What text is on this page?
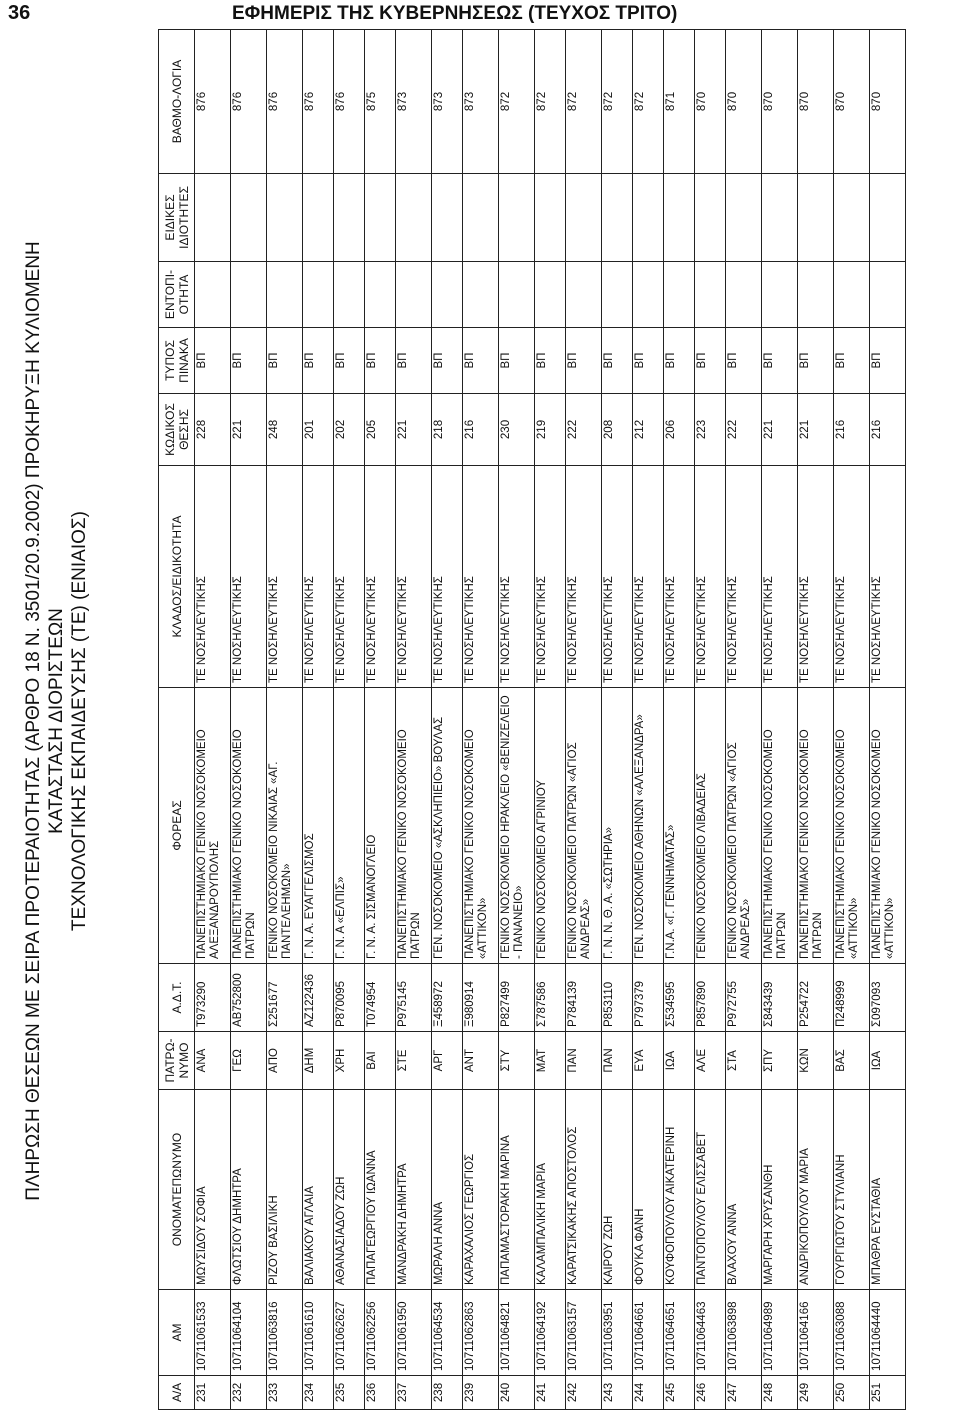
36	ΕΦΗΜΕΡΙΣ ΤΗΣ ΚΥΒΕΡΝΗΣΕΩΣ (ΤΕΥΧΟΣ ΤΡΙΤΟ)
ΠΛΗΡΩΣΗ ΘΕΣΕΩΝ ΜΕ ΣΕΙΡΑ ΠΡΟΤΕΡΑΙΟΤΗΤΑΣ (ΑΡΘΡΟ 18 Ν. 3501/20.9.2002) ΠΡΟΚΗΡΥΞΗ ΚΥΛΙΟΜΕΝΗ ΚΑΤΑΣΤΑΣΗ ΔΙΟΡΙΣΤΕΩΝ ΤΕΧΝΟΛΟΓΙΚΗΣ ΕΚΠΑΙΔΕΥΣΗΣ (ΤΕ) (ΕΝΙΑΙΟΣ)
Α/Α	ΑΜ	ΟΝΟΜΑΤΕΠΩΝΥΜΟ	ΠΑΤΡΩ-ΝΥΜΟ	Α.Δ.Τ.	ΦΟΡΕΑΣ	ΚΛΑΔΟΣ/ΕΙΔΙΚΟΤΗΤΑ	ΚΩΔΙΚΟΣ ΘΕΣΗΣ	ΤΥΠΟΣ ΠΙΝΑΚΑ	ΕΝΤΟΠΙ-ΟΤΗΤΑ	ΕΙΔΙΚΕΣ ΙΔΙΟΤΗΤΕΣ	ΒΑΘΜΟ-ΛΟΓΙΑ
231	10711061533	ΜΩΥΣΙΔΟΥ ΣΟΦΙΑ	ΑΝΑ	Τ973290	ΠΑΝΕΠΙΣΤΗΜΙΑΚΟ ΓΕΝΙΚΟ ΝΟΣΟΚΟΜΕΙΟ ΑΛΕΞΑΝΔΡΟΥΠΟΛΗΣ	ΤΕ ΝΟΣΗΛΕΥΤΙΚΗΣ	228	ΒΠ			876
232	10711064104	ΦΛΩΤΣΙΟΥ ΔΗΜΗΤΡΑ	ΓΕΩ	ΑΒ752800	ΠΑΝΕΠΙΣΤΗΜΙΑΚΟ ΓΕΝΙΚΟ ΝΟΣΟΚΟΜΕΙΟ ΠΑΤΡΩΝ	ΤΕ ΝΟΣΗΛΕΥΤΙΚΗΣ	221	ΒΠ			876
233	10711063816	ΡΙΖΟΥ ΒΑΣΙΛΙΚΗ	ΑΠΟ	Σ251677	ΓΕΝΙΚΟ ΝΟΣΟΚΟΜΕΙΟ ΝΙΚΑΙΑΣ «ΑΓ. ΠΑΝΤΕΛΕΗΜΩΝ»	ΤΕ ΝΟΣΗΛΕΥΤΙΚΗΣ	248	ΒΠ			876
234	10711061610	ΒΑΛΙΑΚΟΥ ΑΓΛΑΙΑ	ΔΗΜ	ΑΖ122436	Γ. Ν. Α. ΕΥΑΓΓΕΛΙΣΜΟΣ	ΤΕ ΝΟΣΗΛΕΥΤΙΚΗΣ	201	ΒΠ			876
235	10711062627	ΑΘΑΝΑΣΙΑΔΟΥ ΖΩΗ	ΧΡΗ	Ρ870095	Γ. Ν. Α «ΕΛΠΙΣ»	ΤΕ ΝΟΣΗΛΕΥΤΙΚΗΣ	202	ΒΠ			876
236	10711062256	ΠΑΠΑΓΕΩΡΓΙΟΥ ΙΩΑΝΝΑ	ΒΑΙ	Τ074954	Γ. Ν. Α. ΣΙΣΜΑΝΟΓΛΕΙΟ	ΤΕ ΝΟΣΗΛΕΥΤΙΚΗΣ	205	ΒΠ			875
237	10711061950	ΜΑΝΔΡΑΚΗ ΔΗΜΗΤΡΑ	ΣΤΕ	Ρ975145	ΠΑΝΕΠΙΣΤΗΜΙΑΚΟ ΓΕΝΙΚΟ ΝΟΣΟΚΟΜΕΙΟ ΠΑΤΡΩΝ	ΤΕ ΝΟΣΗΛΕΥΤΙΚΗΣ	221	ΒΠ			873
238	10711064534	ΜΩΡΑΛΗ ΑΝΝΑ	ΑΡΓ	Ξ458972	ΓΕΝ. ΝΟΣΟΚΟΜΕΙΟ «ΑΣΚΛΗΠΙΕΙΟ» ΒΟΥΛΑΣ	ΤΕ ΝΟΣΗΛΕΥΤΙΚΗΣ	218	ΒΠ			873
239	10711062863	ΚΑΡΑΧΑΛΙΟΣ ΓΕΩΡΓΙΟΣ	ΑΝΤ	Ξ980914	ΠΑΝΕΠΙΣΤΗΜΙΑΚΟ ΓΕΝΙΚΟ ΝΟΣΟΚΟΜΕΙΟ «ΑΤΤΙΚΟΝ»	ΤΕ ΝΟΣΗΛΕΥΤΙΚΗΣ	216	ΒΠ			873
240	10711064821	ΠΑΠΑΜΑΣΤΟΡΑΚΗ ΜΑΡΙΝΑ	ΣΤΥ	Ρ827499	ΓΕΝΙΚΟ ΝΟΣΟΚΟΜΕΙΟ ΗΡΑΚΛΕΙΟ «ΒΕΝΙΖΕΛΕΙΟ - ΠΑΝΑΝΕΙΟ»	ΤΕ ΝΟΣΗΛΕΥΤΙΚΗΣ	230	ΒΠ			872
241	10711064192	ΚΑΛΑΜΠΑΛΙΚΗ ΜΑΡΙΑ	ΜΑΤ	Σ787586	ΓΕΝΙΚΟ ΝΟΣΟΚΟΜΕΙΟ ΑΓΡΙΝΙΟΥ	ΤΕ ΝΟΣΗΛΕΥΤΙΚΗΣ	219	ΒΠ			872
242	10711063157	ΚΑΡΑΤΣΙΚΑΚΗΣ ΑΠΟΣΤΟΛΟΣ	ΠΑΝ	Ρ784139	ΓΕΝΙΚΟ ΝΟΣΟΚΟΜΕΙΟ ΠΑΤΡΩΝ «ΑΓΙΟΣ ΑΝΔΡΕΑΣ»	ΤΕ ΝΟΣΗΛΕΥΤΙΚΗΣ	222	ΒΠ			872
243	10711063951	ΚΑΙΡΟΥ ΖΩΗ	ΠΑΝ	Ρ853110	Γ. Ν. Ν. Θ. Α. «ΣΩΤΗΡΙΑ»	ΤΕ ΝΟΣΗΛΕΥΤΙΚΗΣ	208	ΒΠ			872
244	10711064661	ΦΟΥΚΑ ΦΑΝΗ	ΕΥΑ	Ρ797379	ΓΕΝ. ΝΟΣΟΚΟΜΕΙΟ ΑΘΗΝΩΝ «ΑΛΕΞΑΝΔΡΑ»	ΤΕ ΝΟΣΗΛΕΥΤΙΚΗΣ	212	ΒΠ			872
245	10711064651	ΚΟΥΦΟΠΟΥΛΟΥ ΑΙΚΑΤΕΡΙΝΗ	ΙΩΑ	Σ534595	Γ.Ν.Α. «Γ. ΓΕΝΝΗΜΑΤΑΣ»	ΤΕ ΝΟΣΗΛΕΥΤΙΚΗΣ	206	ΒΠ			871
246	10711064463	ΠΑΝΤΟΠΟΥΛΟΥ ΕΛΙΣΣΑΒΕΤ	ΑΛΕ	Ρ857890	ΓΕΝΙΚΟ ΝΟΣΟΚΟΜΕΙΟ ΛΙΒΑΔΕΙΑΣ	ΤΕ ΝΟΣΗΛΕΥΤΙΚΗΣ	223	ΒΠ			870
247	10711063898	ΒΛΑΧΟΥ ΑΝΝΑ	ΣΤΑ	Ρ972755	ΓΕΝΙΚΟ ΝΟΣΟΚΟΜΕΙΟ ΠΑΤΡΩΝ «ΑΓΙΟΣ ΑΝΔΡΕΑΣ»	ΤΕ ΝΟΣΗΛΕΥΤΙΚΗΣ	222	ΒΠ			870
248	10711064989	ΜΑΡΓΑΡΗ ΧΡΥΣΑΝΘΗ	ΣΠΥ	Σ843439	ΠΑΝΕΠΙΣΤΗΜΙΑΚΟ ΓΕΝΙΚΟ ΝΟΣΟΚΟΜΕΙΟ ΠΑΤΡΩΝ	ΤΕ ΝΟΣΗΛΕΥΤΙΚΗΣ	221	ΒΠ			870
249	10711064166	ΑΝΔΡΙΚΟΠΟΥΛΟΥ ΜΑΡΙΑ	ΚΩΝ	Ρ254722	ΠΑΝΕΠΙΣΤΗΜΙΑΚΟ ΓΕΝΙΚΟ ΝΟΣΟΚΟΜΕΙΟ ΠΑΤΡΩΝ	ΤΕ ΝΟΣΗΛΕΥΤΙΚΗΣ	221	ΒΠ			870
250	10711063088	ΓΟΥΡΓΙΩΤΟΥ ΣΤΥΛΙΑΝΗ	ΒΑΣ	Π248999	ΠΑΝΕΠΙΣΤΗΜΙΑΚΟ ΓΕΝΙΚΟ ΝΟΣΟΚΟΜΕΙΟ «ΑΤΤΙΚΟΝ»	ΤΕ ΝΟΣΗΛΕΥΤΙΚΗΣ	216	ΒΠ			870
251	10711064440	ΜΠΑΘΡΑ ΕΥΣΤΑΘΙΑ	ΙΩΑ	Σ097093	ΠΑΝΕΠΙΣΤΗΜΙΑΚΟ ΓΕΝΙΚΟ ΝΟΣΟΚΟΜΕΙΟ «ΑΤΤΙΚΟΝ»	ΤΕ ΝΟΣΗΛΕΥΤΙΚΗΣ	216	ΒΠ			870
